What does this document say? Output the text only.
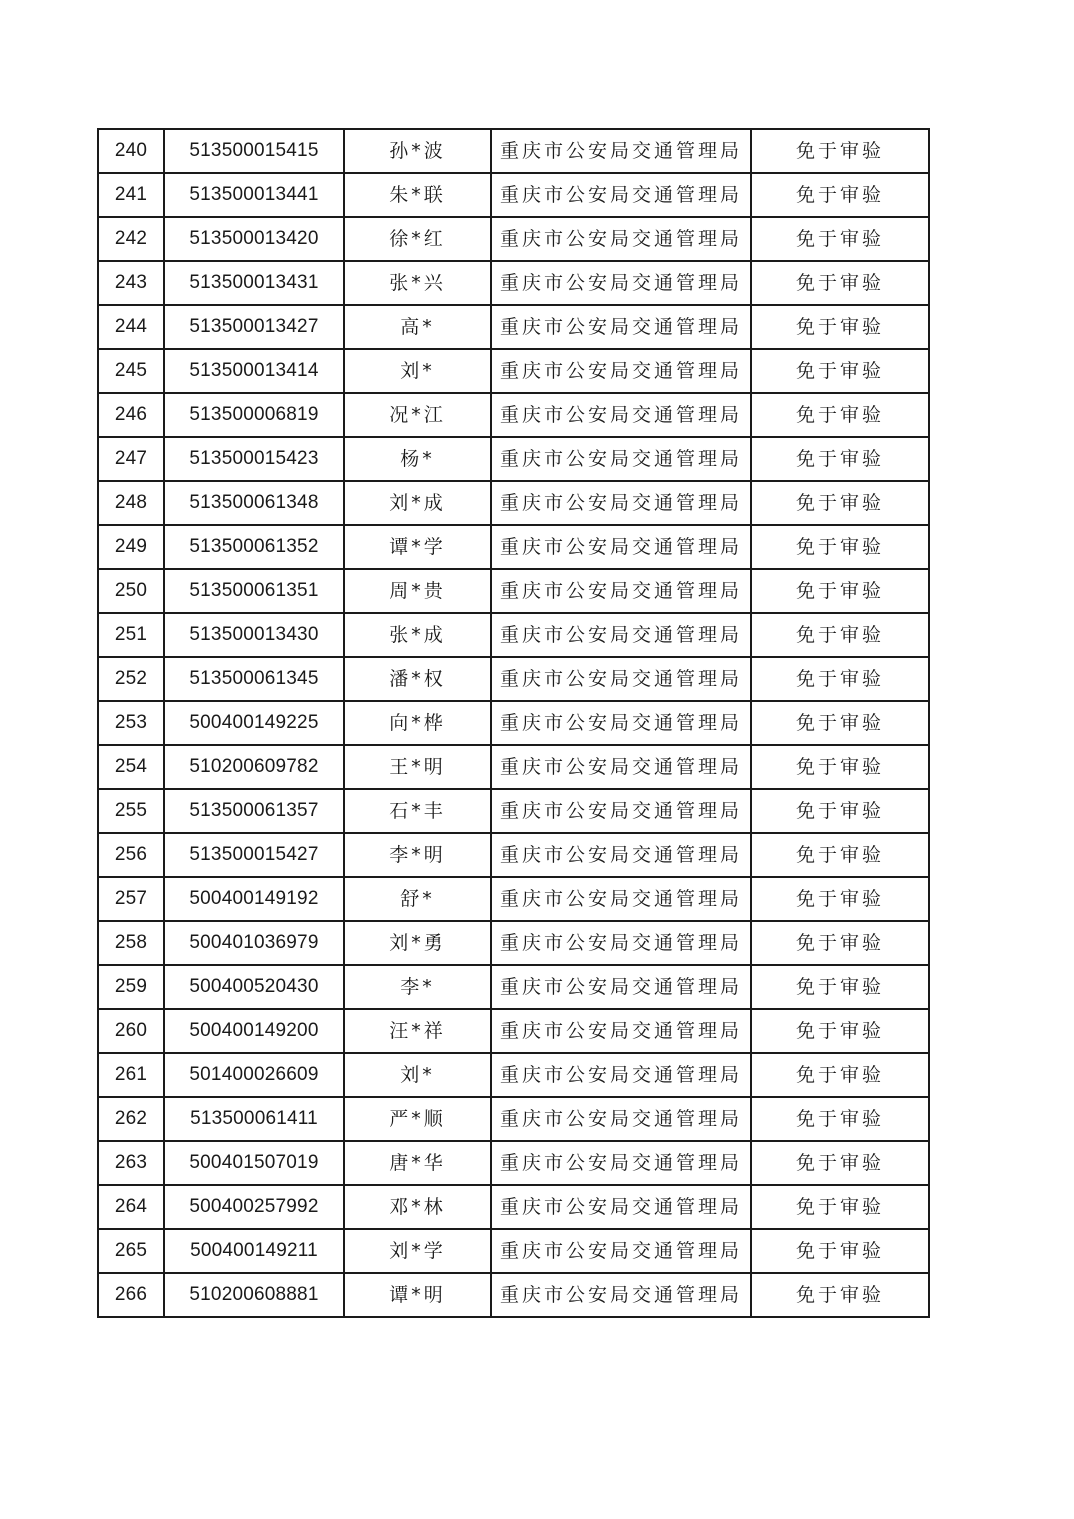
240	513500015415	孙*波	重庆市公安局交通管理局	免于审验
241	513500013441	朱*联	重庆市公安局交通管理局	免于审验
242	513500013420	徐*红	重庆市公安局交通管理局	免于审验
243	513500013431	张*兴	重庆市公安局交通管理局	免于审验
244	513500013427	高*	重庆市公安局交通管理局	免于审验
245	513500013414	刘*	重庆市公安局交通管理局	免于审验
246	513500006819	况*江	重庆市公安局交通管理局	免于审验
247	513500015423	杨*	重庆市公安局交通管理局	免于审验
248	513500061348	刘*成	重庆市公安局交通管理局	免于审验
249	513500061352	谭*学	重庆市公安局交通管理局	免于审验
250	513500061351	周*贵	重庆市公安局交通管理局	免于审验
251	513500013430	张*成	重庆市公安局交通管理局	免于审验
252	513500061345	潘*权	重庆市公安局交通管理局	免于审验
253	500400149225	向*桦	重庆市公安局交通管理局	免于审验
254	510200609782	王*明	重庆市公安局交通管理局	免于审验
255	513500061357	石*丰	重庆市公安局交通管理局	免于审验
256	513500015427	李*明	重庆市公安局交通管理局	免于审验
257	500400149192	舒*	重庆市公安局交通管理局	免于审验
258	500401036979	刘*勇	重庆市公安局交通管理局	免于审验
259	500400520430	李*	重庆市公安局交通管理局	免于审验
260	500400149200	汪*祥	重庆市公安局交通管理局	免于审验
261	501400026609	刘*	重庆市公安局交通管理局	免于审验
262	513500061411	严*顺	重庆市公安局交通管理局	免于审验
263	500401507019	唐*华	重庆市公安局交通管理局	免于审验
264	500400257992	邓*林	重庆市公安局交通管理局	免于审验
265	500400149211	刘*学	重庆市公安局交通管理局	免于审验
266	510200608881	谭*明	重庆市公安局交通管理局	免于审验
